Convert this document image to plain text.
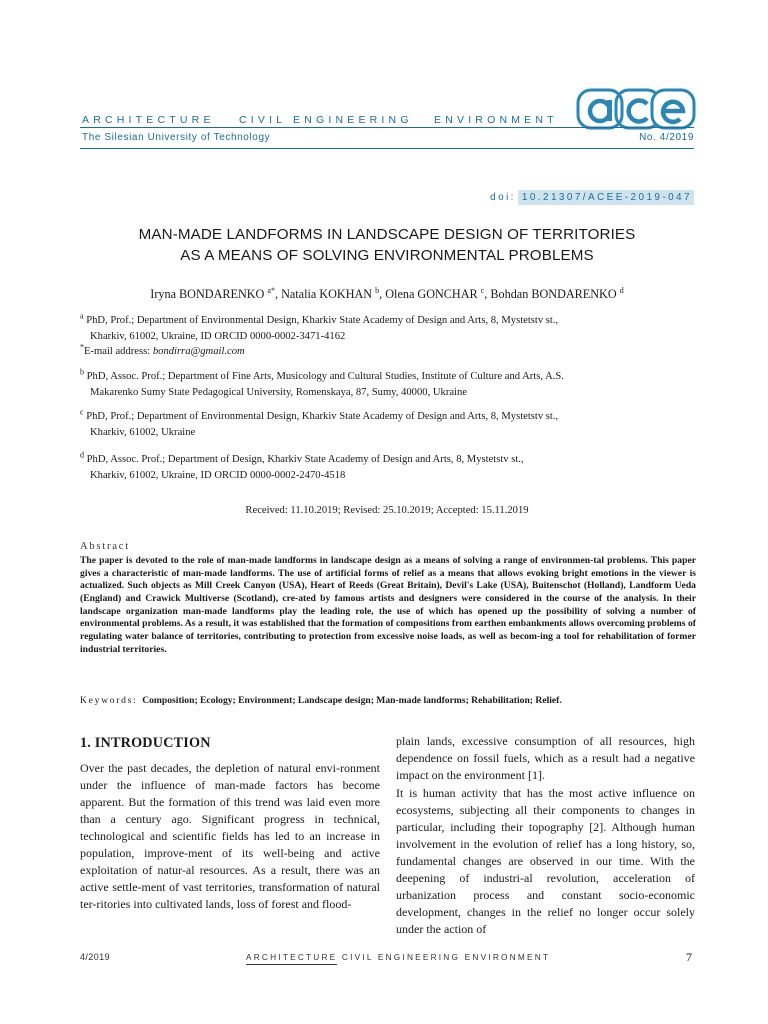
ARCHITECTURE	CIVIL ENGINEERING	ENVIRONMENT
The Silesian University of Technology	No. 4/2019
doi: 10.21307/ACEE-2019-047
MAN-MADE LANDFORMS IN LANDSCAPE DESIGN OF TERRITORIES
AS A MEANS OF SOLVING ENVIRONMENTAL PROBLEMS
Iryna BONDARENKO $^{a*}$, Natalia KOKHAN $^b$, Olena GONCHAR $^c$, Bohdan BONDARENKO $^d$
$^a$ PhD, Prof.; Department of Environmental Design, Kharkiv State Academy of Design and Arts, 8, Mystetstv st.,
Kharkiv, 61002, Ukraine, ID ORCID 0000-0002-3471-4162
*E-mail address: bondirra@gmail.com
$^b$ PhD, Assoc. Prof.; Department of Fine Arts, Musicology and Cultural Studies, Institute of Culture and Arts, A.S.
Makarenko Sumy State Pedagogical University, Romenskaya, 87, Sumy, 40000, Ukraine
$^c$ PhD, Prof.; Department of Environmental Design, Kharkiv State Academy of Design and Arts, 8, Mystetstv st.,
Kharkiv, 61002, Ukraine
$^d$ PhD, Assoc. Prof.; Department of Design, Kharkiv State Academy of Design and Arts, 8, Mystetstv st.,
Kharkiv, 61002, Ukraine, ID ORCID 0000-0002-2470-4518
Received: 11.10.2019; Revised: 25.10.2019; Accepted: 15.11.2019
Abstract
The paper is devoted to the role of man-made landforms in landscape design as a means of solving a range of environmen-tal problems. This paper gives a characteristic of man-made landforms. The use of artificial forms of relief as a means that allows evoking bright emotions in the viewer is actualized. Such objects as Mill Creek Canyon (USA), Heart of Reeds (Great Britain), Devil's Lake (USA), Buitenschot (Holland), Landform Ueda (England) and Crawick Multiverse (Scotland), cre-ated by famous artists and designers were considered in the course of the analysis. In their landscape organization man-made landforms play the leading role, the use of which has opened up the possibility of solving a number of environmental problems. As a result, it was established that the formation of compositions from earthen embankments allows overcoming problems of regulating water balance of territories, contributing to protection from excessive noise loads, as well as becom-ing a tool for rehabilitation of former industrial territories.
Keywords: Composition; Ecology; Environment; Landscape design; Man-made landforms; Rehabilitation; Relief.
1. INTRODUCTION

Over the past decades, the depletion of natural envi-ronment under the influence of man-made factors has become apparent. But the formation of this trend was laid even more than a century ago. Significant progress in technical, technological and scientific fields has led to an increase in population, improve-ment of its well-being and active exploitation of natur-al resources. As a result, there was an active settle-ment of vast territories, transformation of natural ter-ritories into cultivated lands, loss of forest and flood-

plain lands, excessive consumption of all resources, high dependence on fossil fuels, which as a result had a negative impact on the environment [1].

It is human activity that has the most active influence on ecosystems, subjecting all their components to changes in particular, including their topography [2]. Although human involvement in the evolution of relief has a long history, so, fundamental changes are observed in our time. With the deepening of industri-al revolution, acceleration of urbanization process and constant socio-economic development, changes in the relief no longer occur solely under the action of

4/2019	ARCHITECTURE CIVIL ENGINEERING ENVIRONMENT	7
